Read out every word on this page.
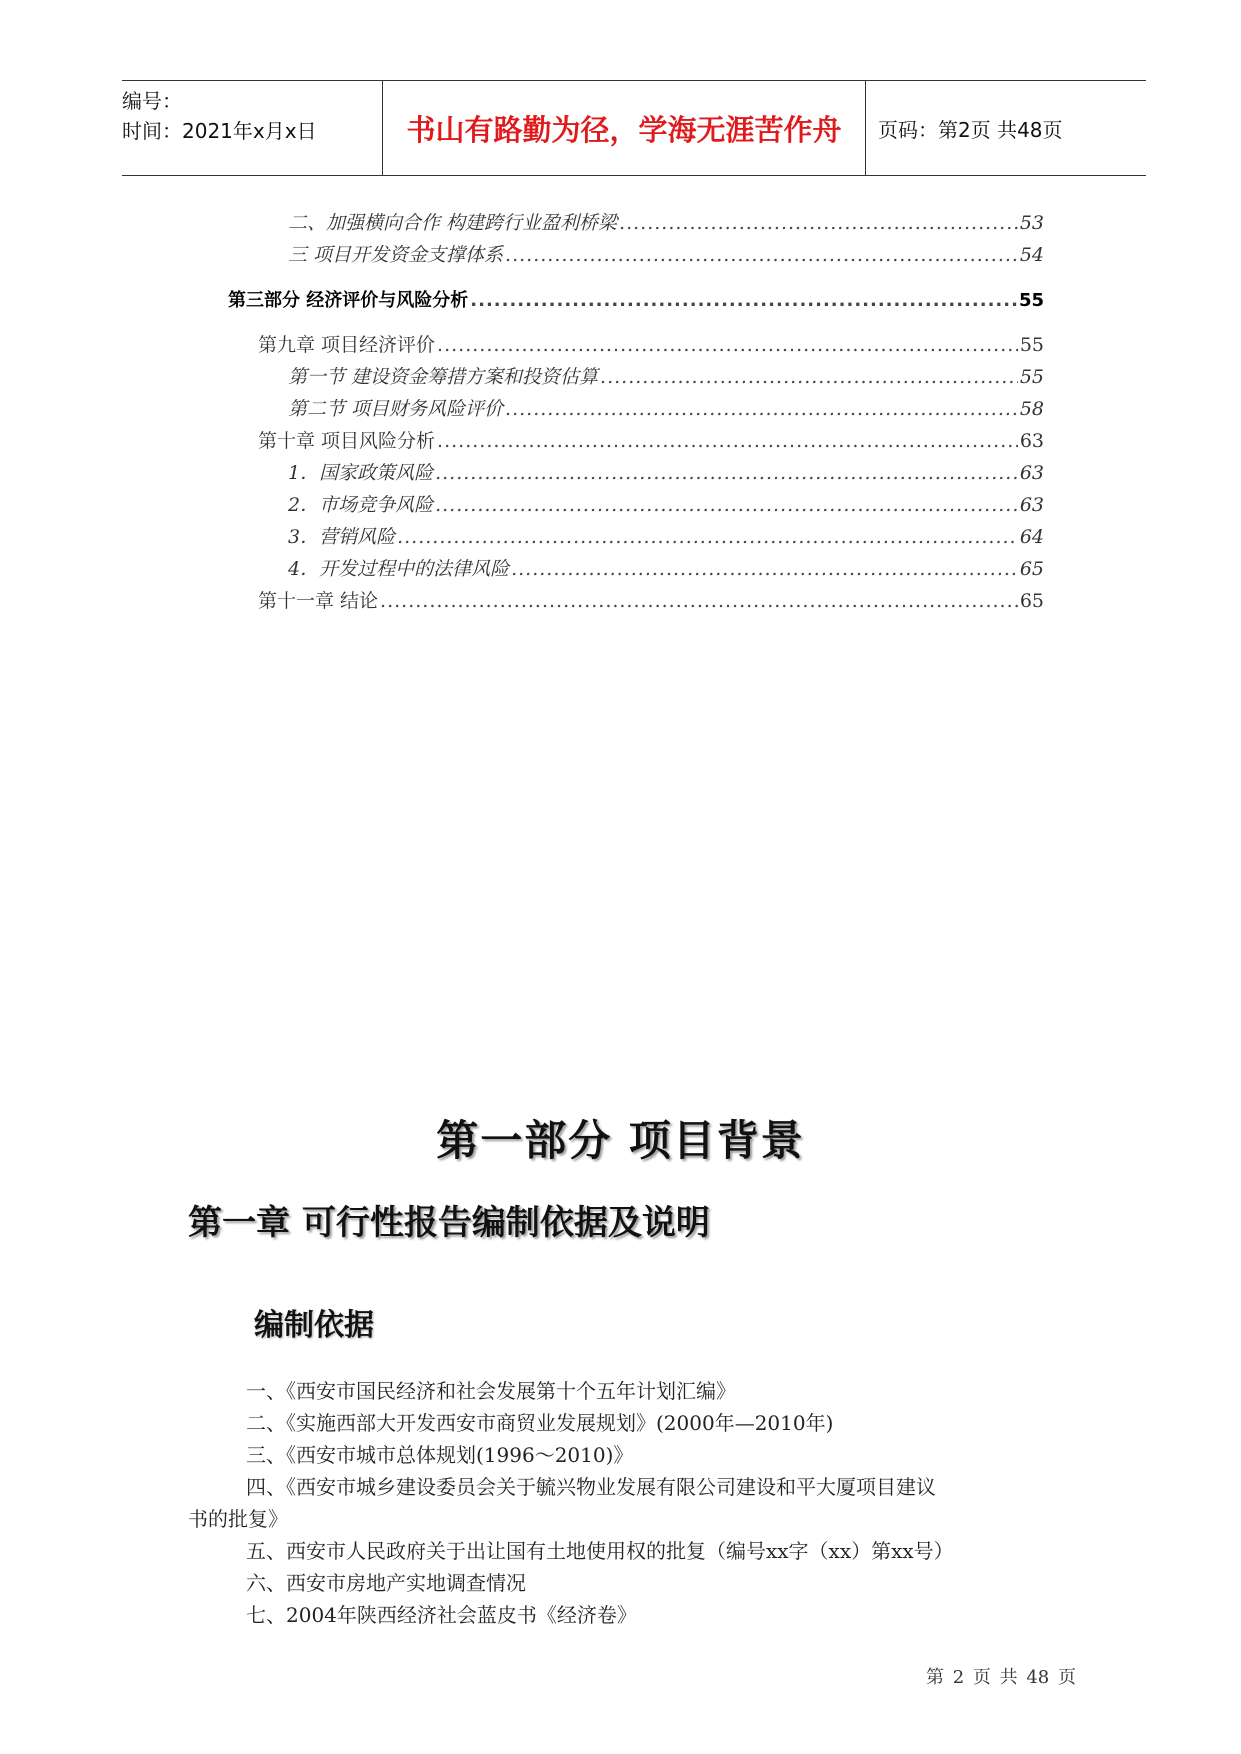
编号：
时间：2021年x月x日	书山有路勤为径，学海无涯苦作舟	页码：第2页 共48页
二、加强横向合作 构建跨行业盈利桥梁 .....	53
三 项目开发资金支撑体系 .....	54
第三部分 经济评价与风险分析 .....	55
第九章 项目经济评价 .....	55
第一节 建设资金筹措方案和投资估算 .....	55
第二节 项目财务风险评价 .....	58
第十章 项目风险分析 .....	63
1．国家政策风险 .....	63
2．市场竞争风险 .....	63
3．营销风险 .....	64
4．开发过程中的法律风险 .....	65
第十一章 结论 .....	65
第一部分 项目背景
第一章 可行性报告编制依据及说明
编制依据
一、《西安市国民经济和社会发展第十个五年计划汇编》
二、《实施西部大开发西安市商贸业发展规划》(2000年—2010年)
三、《西安市城市总体规划(1996～2010)》
四、《西安市城乡建设委员会关于毓兴物业发展有限公司建设和平大厦项目建议
书的批复》
五、西安市人民政府关于出让国有土地使用权的批复（编号xx字（xx）第xx号）
六、西安市房地产实地调查情况
七、2004年陕西经济社会蓝皮书《经济卷》
第 2 页 共 48 页
